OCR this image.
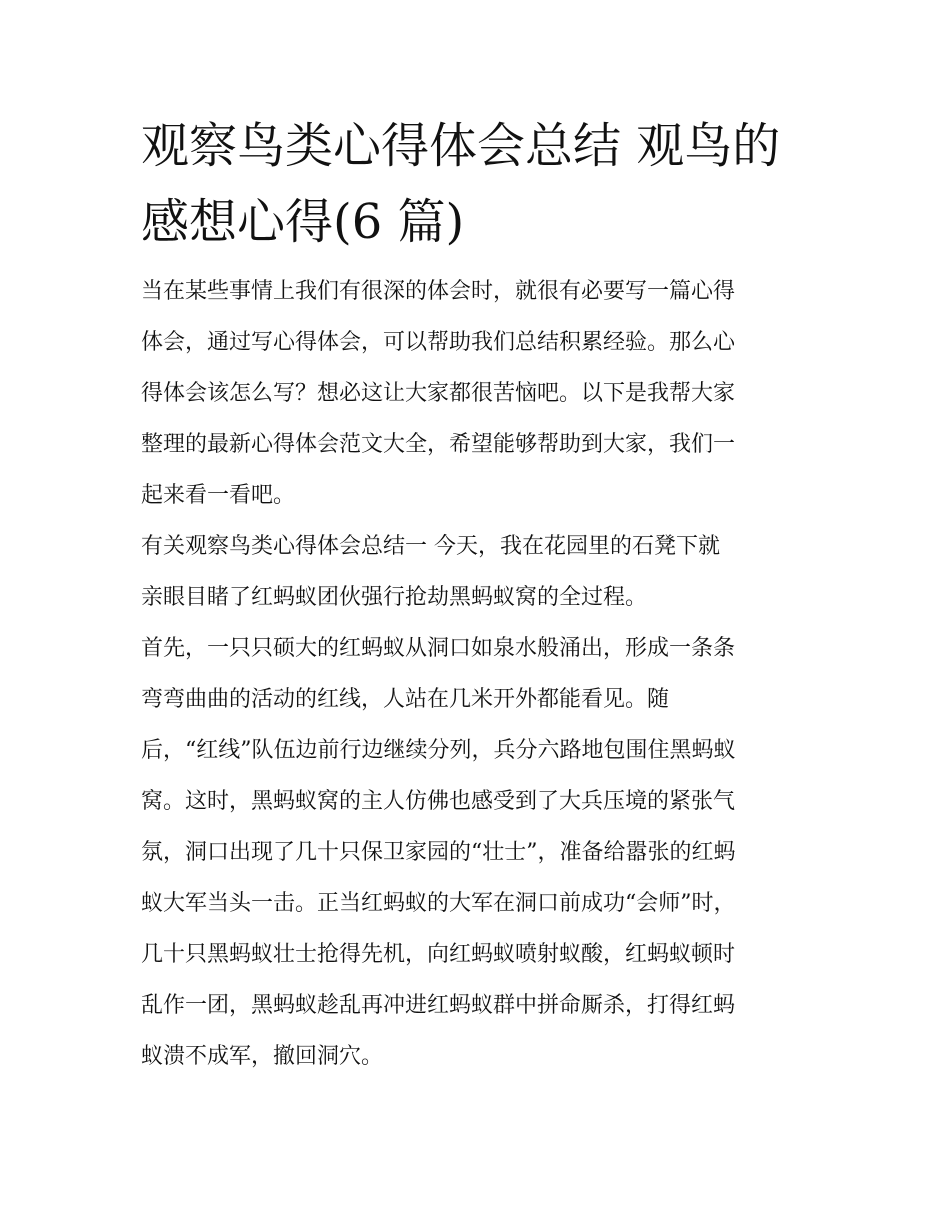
观察鸟类心得体会总结 观鸟的
感想心得(6 篇)

当在某些事情上我们有很深的体会时，就很有必要写一篇心得
体会，通过写心得体会，可以帮助我们总结积累经验。那么心
得体会该怎么写？想必这让大家都很苦恼吧。以下是我帮大家
整理的最新心得体会范文大全，希望能够帮助到大家，我们一
起来看一看吧。

有关观察鸟类心得体会总结一 今天，我在花园里的石凳下就
亲眼目睹了红蚂蚁团伙强行抢劫黑蚂蚁窝的全过程。

首先，一只只硕大的红蚂蚁从洞口如泉水般涌出，形成一条条
弯弯曲曲的活动的红线，人站在几米开外都能看见。随
后，“红线”队伍边前行边继续分列，兵分六路地包围住黑蚂蚁
窝。这时，黑蚂蚁窝的主人仿佛也感受到了大兵压境的紧张气
氛，洞口出现了几十只保卫家园的“壮士”，准备给嚣张的红蚂
蚁大军当头一击。正当红蚂蚁的大军在洞口前成功“会师”时，
几十只黑蚂蚁壮士抢得先机，向红蚂蚁喷射蚁酸，红蚂蚁顿时
乱作一团，黑蚂蚁趁乱再冲进红蚂蚁群中拼命厮杀，打得红蚂
蚁溃不成军，撤回洞穴。
